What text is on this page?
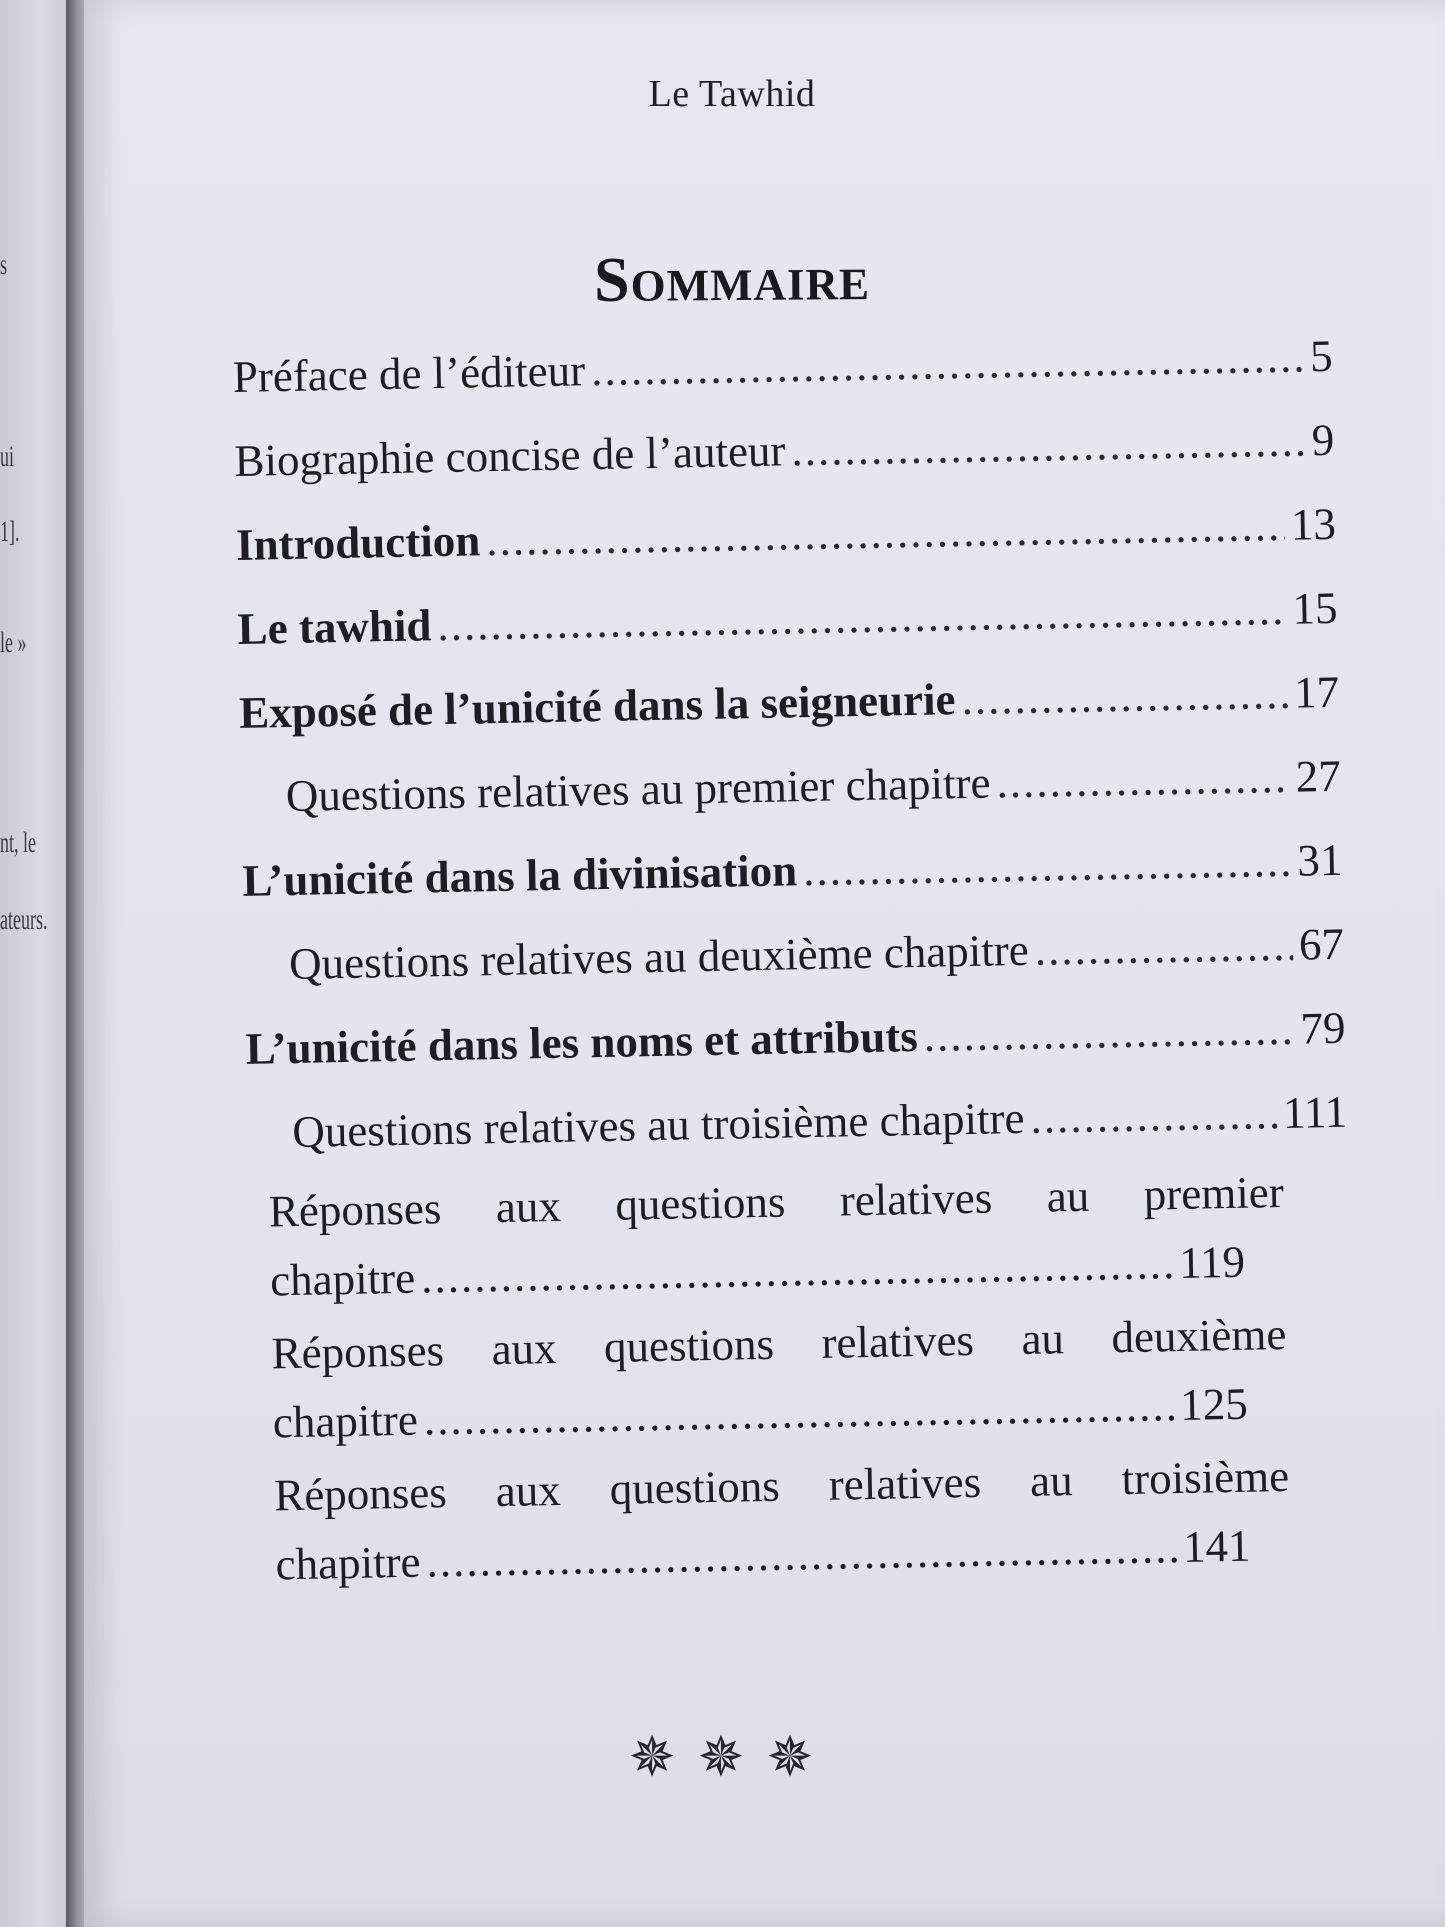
s
ui
1].
le »
nt, le
ateurs.
Le Tawhid
Sommaire
Préface de l’éditeur .....	5
Biographie concise de l’auteur .....	9
Introduction .....	13
Le tawhid .....	15
Exposé de l’unicité dans la seigneurie .....	17
Questions relatives au premier chapitre .....	27
L’unicité dans la divinisation .....	31
Questions relatives au deuxième chapitre .....	67
L’unicité dans les noms et attributs .....	79
Questions relatives au troisième chapitre .....	111
Réponses aux questions relatives au premier
chapitre .....	119
Réponses aux questions relatives au deuxième
chapitre .....	125
Réponses aux questions relatives au troisième
chapitre .....	141
✵✵✵
